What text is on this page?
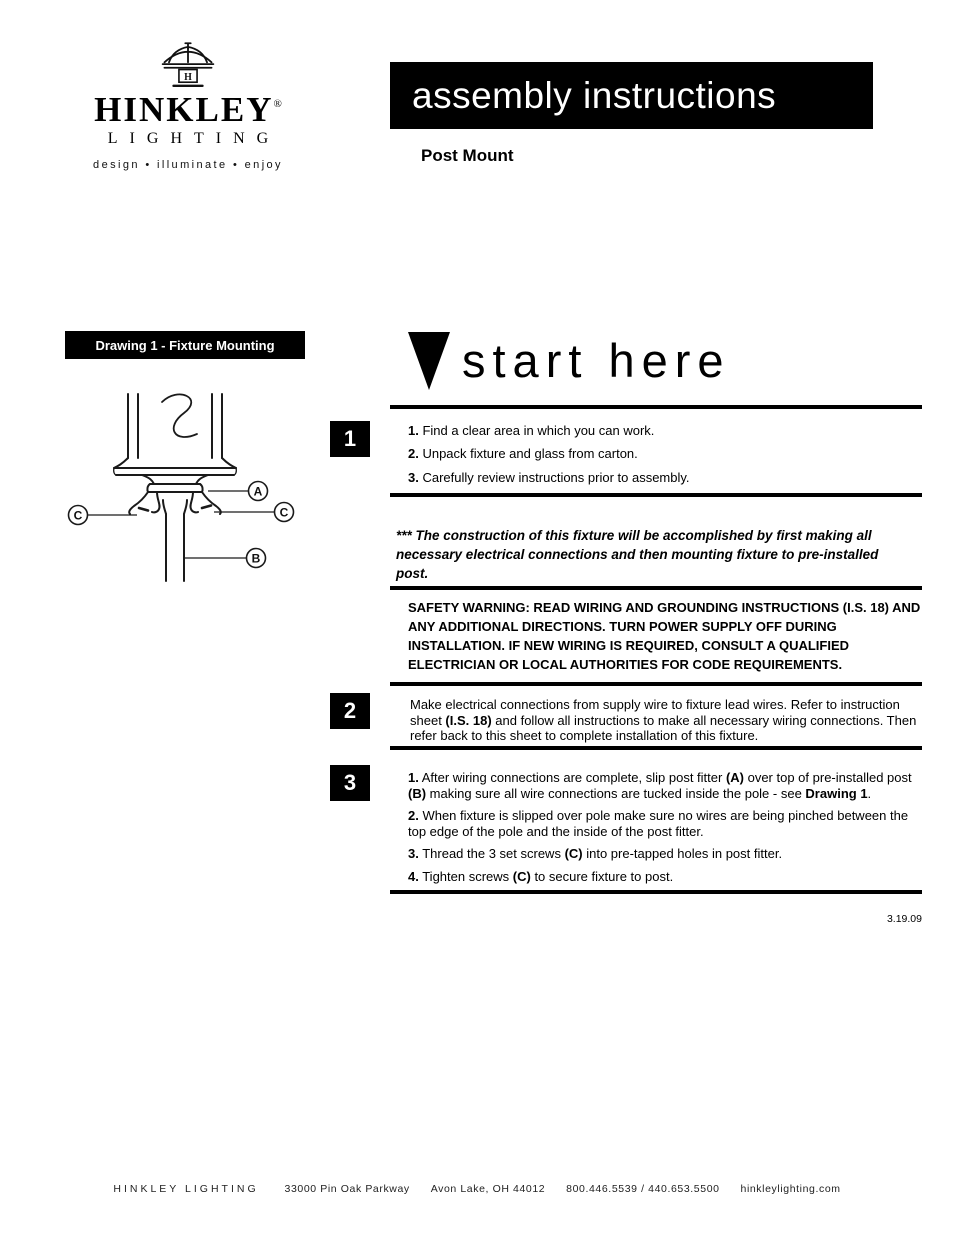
H
HINKLEY®
LIGHTING
design • illuminate • enjoy
assembly instructions
Post Mount
Drawing 1 - Fixture Mounting
A
C
C
B
start here
1	1. Find a clear area in which you can work.

2. Unpack fixture and glass from carton.

3. Carefully review instructions prior to assembly.

*** The construction of this fixture will be accomplished by first making all necessary electrical connections and then mounting fixture to pre-installed post.
SAFETY WARNING: READ WIRING AND GROUNDING INSTRUCTIONS (I.S. 18) AND ANY ADDITIONAL DIRECTIONS. TURN POWER SUPPLY OFF DURING INSTALLATION. IF NEW WIRING IS REQUIRED, CONSULT A QUALIFIED ELECTRICIAN OR LOCAL AUTHORITIES FOR CODE REQUIREMENTS.
2	Make electrical connections from supply wire to fixture lead wires. Refer to instruction sheet (I.S. 18) and follow all instructions to make all necessary wiring connections. Then refer back to this sheet to complete installation of this fixture.
3	1. After wiring connections are complete, slip post fitter (A) over top of pre-installed post (B) making sure all wire connections are tucked inside the pole - see Drawing 1.

2. When fixture is slipped over pole make sure no wires are being pinched between the top edge of the pole and the inside of the post fitter.

3. Thread the 3 set screws (C) into pre-tapped holes in post fitter.

4. Tighten screws (C) to secure fixture to post.

3.19.09
HINKLEY LIGHTING 33000 Pin Oak Parkway Avon Lake, OH 44012 800.446.5539 / 440.653.5500 hinkleylighting.com
